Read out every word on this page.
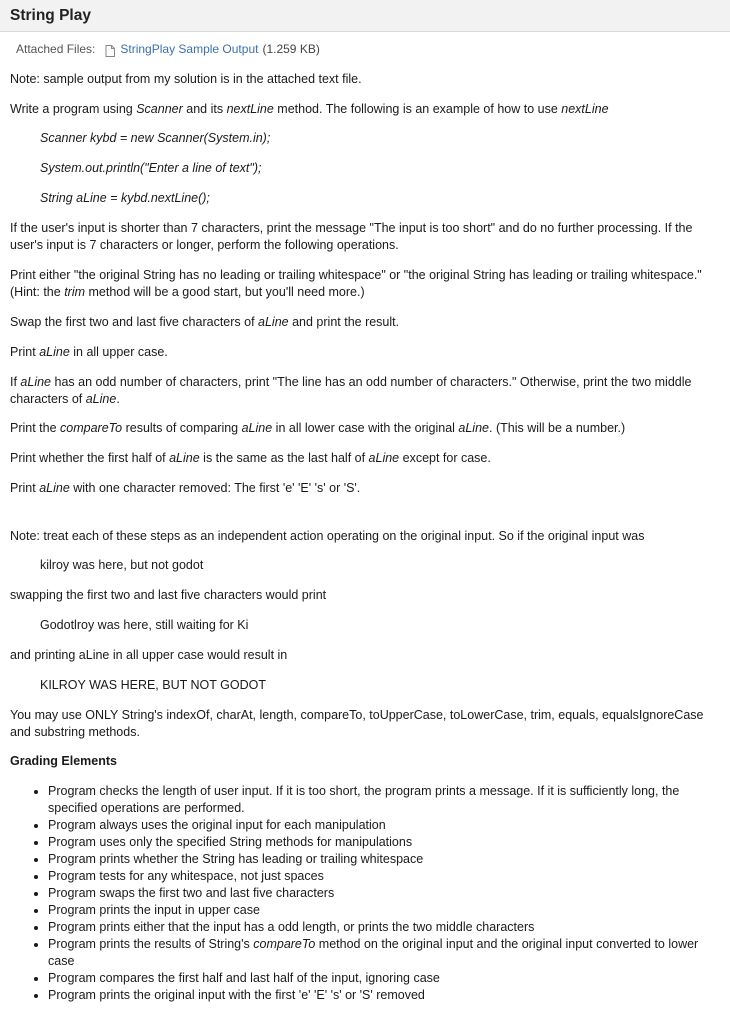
String Play
Attached Files: StringPlay Sample Output (1.259 KB)

Note: sample output from my solution is in the attached text file.

Write a program using Scanner and its nextLine method. The following is an example of how to use nextLine

Scanner kybd = new Scanner(System.in);

System.out.println("Enter a line of text");

String aLine = kybd.nextLine();

If the user's input is shorter than 7 characters, print the message "The input is too short" and do no further processing. If the user's input is 7 characters or longer, perform the following operations.

Print either "the original String has no leading or trailing whitespace" or "the original String has leading or trailing whitespace." (Hint: the trim method will be a good start, but you'll need more.)

Swap the first two and last five characters of aLine and print the result.

Print aLine in all upper case.

If aLine has an odd number of characters, print "The line has an odd number of characters." Otherwise, print the two middle characters of aLine.

Print the compareTo results of comparing aLine in all lower case with the original aLine. (This will be a number.)

Print whether the first half of aLine is the same as the last half of aLine except for case.

Print aLine with one character removed: The first 'e' 'E' 's' or 'S'.

Note: treat each of these steps as an independent action operating on the original input. So if the original input was

kilroy was here, but not godot

swapping the first two and last five characters would print

Godotlroy was here, still waiting for Ki

and printing aLine in all upper case would result in

KILROY WAS HERE, BUT NOT GODOT

You may use ONLY String's indexOf, charAt, length, compareTo, toUpperCase, toLowerCase, trim, equals, equalsIgnoreCase and substring methods.

Grading Elements

• Program checks the length of user input. If it is too short, the program prints a message. If it is sufficiently long, the specified operations are performed.
• Program always uses the original input for each manipulation
• Program uses only the specified String methods for manipulations
• Program prints whether the String has leading or trailing whitespace
• Program tests for any whitespace, not just spaces
• Program swaps the first two and last five characters
• Program prints the input in upper case
• Program prints either that the input has a odd length, or prints the two middle characters
• Program prints the results of String's compareTo method on the original input and the original input converted to lower case
• Program compares the first half and last half of the input, ignoring case
• Program prints the original input with the first 'e' 'E' 's' or 'S' removed
